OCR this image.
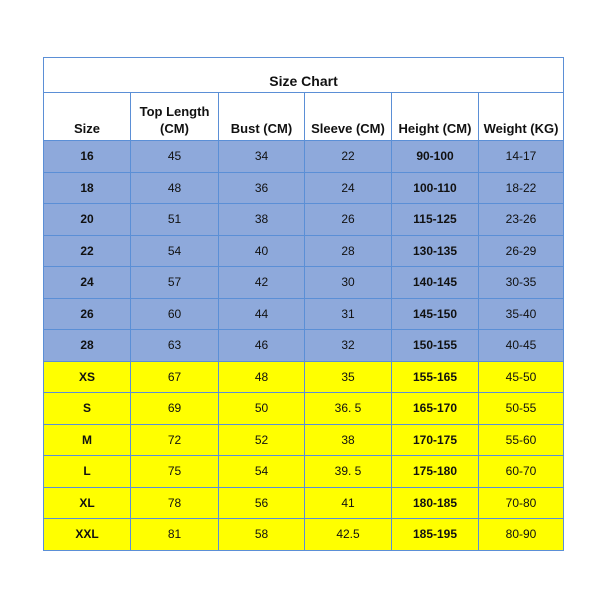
Size Chart					
Size	Top Length (CM)	Bust (CM)	Sleeve (CM)	Height (CM)	Weight (KG)
16	45	34	22	90-100	14-17
18	48	36	24	100-110	18-22
20	51	38	26	115-125	23-26
22	54	40	28	130-135	26-29
24	57	42	30	140-145	30-35
26	60	44	31	145-150	35-40
28	63	46	32	150-155	40-45
XS	67	48	35	155-165	45-50
S	69	50	36. 5	165-170	50-55
M	72	52	38	170-175	55-60
L	75	54	39. 5	175-180	60-70
XL	78	56	41	180-185	70-80
XXL	81	58	42.5	185-195	80-90
